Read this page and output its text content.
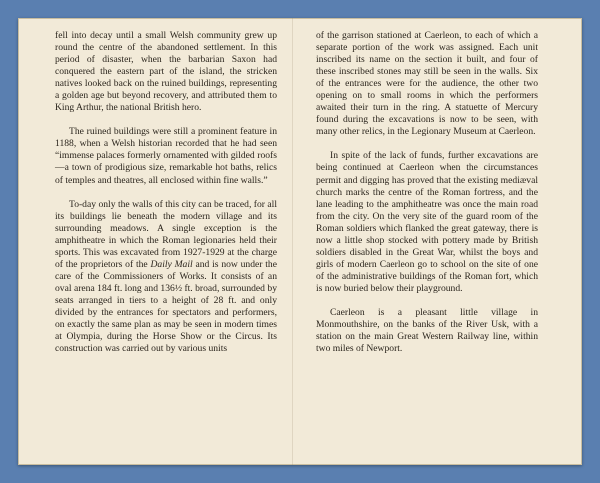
fell into decay until a small Welsh community grew up round the centre of the abandoned settlement. In this period of disaster, when the barbarian Saxon had conquered the eastern part of the island, the stricken natives looked back on the ruined buildings, representing a golden age but beyond recovery, and attributed them to King Arthur, the national British hero.

The ruined buildings were still a prominent feature in 1188, when a Welsh historian recorded that he had seen “immense palaces formerly ornamented with gilded roofs—a town of prodigious size, remarkable hot baths, relics of temples and theatres, all enclosed within fine walls.”

To-day only the walls of this city can be traced, for all its buildings lie beneath the modern village and its surrounding meadows. A single exception is the amphitheatre in which the Roman legionaries held their sports. This was excavated from 1927-1929 at the charge of the proprietors of the Daily Mail and is now under the care of the Commissioners of Works. It consists of an oval arena 184 ft. long and 136½ ft. broad, surrounded by seats arranged in tiers to a height of 28 ft. and only divided by the entrances for spectators and performers, on exactly the same plan as may be seen in modern times at Olympia, during the Horse Show or the Circus. Its construction was carried out by various units

of the garrison stationed at Caerleon, to each of which a separate portion of the work was assigned. Each unit inscribed its name on the section it built, and four of these inscribed stones may still be seen in the walls. Six of the entrances were for the audience, the other two opening on to small rooms in which the performers awaited their turn in the ring. A statuette of Mercury found during the excavations is now to be seen, with many other relics, in the Legionary Museum at Caerleon.

In spite of the lack of funds, further excavations are being continued at Caerleon when the circumstances permit and digging has proved that the existing mediæval church marks the centre of the Roman fortress, and the lane leading to the amphitheatre was once the main road from the city. On the very site of the guard room of the Roman soldiers which flanked the great gateway, there is now a little shop stocked with pottery made by British soldiers disabled in the Great War, whilst the boys and girls of modern Caerleon go to school on the site of one of the administrative buildings of the Roman fort, which is now buried below their playground.

Caerleon is a pleasant little village in Monmouthshire, on the banks of the River Usk, with a station on the main Great Western Railway line, within two miles of Newport.
